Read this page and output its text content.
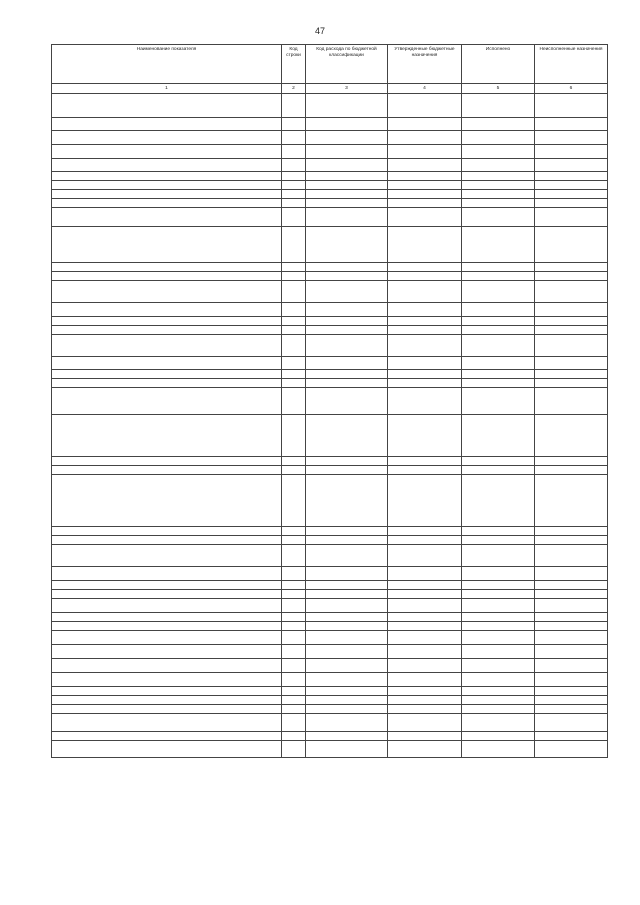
47
Наименование показателя	Код строки	Код расхода по бюджетной классификации	Утвержденные бюджетные назначения	Исполнено	Неисполненные назначения
1	2	3	4	5	6
